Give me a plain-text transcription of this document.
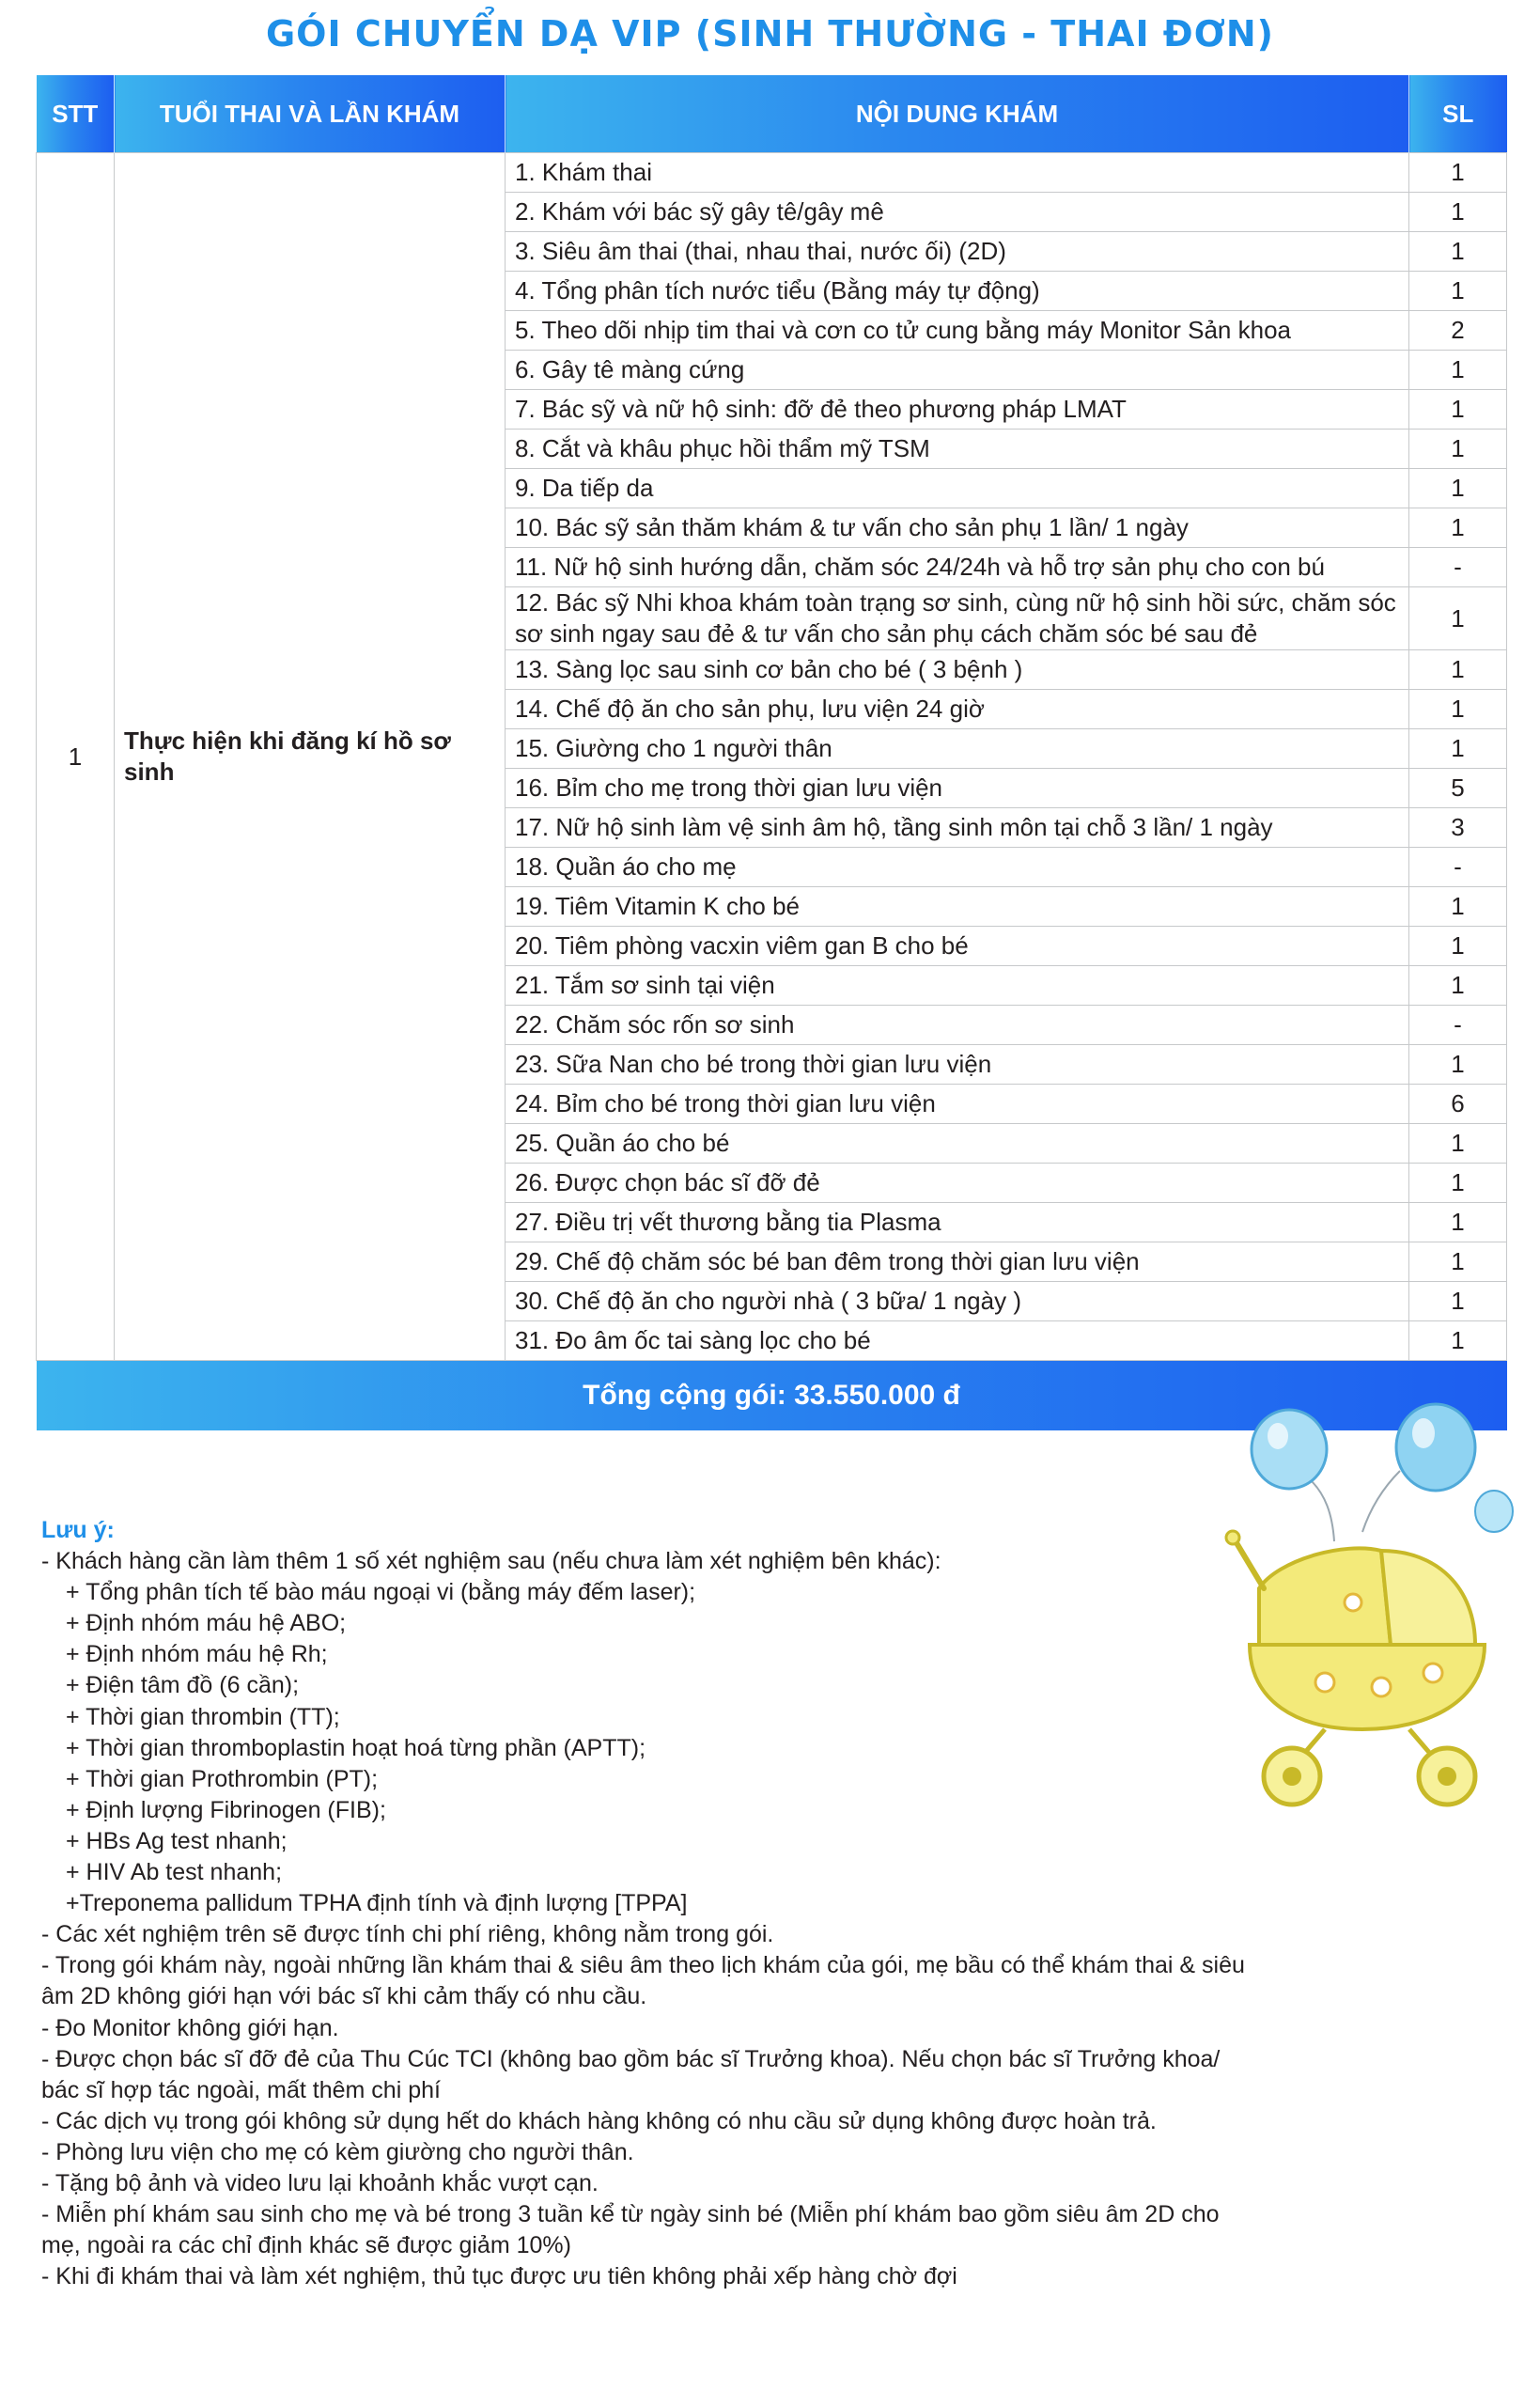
GÓI CHUYỂN DẠ VIP (SINH THƯỜNG - THAI ĐƠN)
STT	TUỔI THAI VÀ LẦN KHÁM	NỘI DUNG KHÁM	SL
1	Thực hiện khi đăng kí hồ sơ sinh	1. Khám thai	1
		2. Khám với bác sỹ gây tê/gây mê	1
		3. Siêu âm thai (thai, nhau thai, nước ối) (2D)	1
		4. Tổng phân tích nước tiểu (Bằng máy tự động)	1
		5. Theo dõi nhịp tim thai và cơn co tử cung bằng máy Monitor Sản khoa	2
		6. Gây tê màng cứng	1
		7. Bác sỹ và nữ hộ sinh: đỡ đẻ theo phương pháp LMAT	1
		8. Cắt và khâu phục hồi thẩm mỹ TSM	1
		9. Da tiếp da	1
		10. Bác sỹ sản thăm khám & tư vấn cho sản phụ 1 lần/ 1 ngày	1
		11. Nữ hộ sinh hướng dẫn, chăm sóc 24/24h và hỗ trợ sản phụ cho con bú	-
		12. Bác sỹ Nhi khoa khám toàn trạng sơ sinh, cùng nữ hộ sinh hồi sức, chăm sóc sơ sinh ngay sau đẻ & tư vấn cho sản phụ cách chăm sóc bé sau đẻ	1
		13. Sàng lọc sau sinh cơ bản cho bé ( 3 bệnh )	1
		14. Chế độ ăn cho sản phụ, lưu viện 24 giờ	1
		15. Giường cho 1 người thân	1
		16. Bỉm cho mẹ trong thời gian lưu viện	5
		17. Nữ hộ sinh làm vệ sinh âm hộ, tầng sinh môn tại chỗ 3 lần/ 1 ngày	3
		18. Quần áo cho mẹ	-
		19. Tiêm Vitamin K cho bé	1
		20. Tiêm phòng vacxin viêm gan B cho bé	1
		21. Tắm sơ sinh tại viện	1
		22. Chăm sóc rốn sơ sinh	-
		23. Sữa Nan cho bé trong thời gian lưu viện	1
		24. Bỉm cho bé trong thời gian lưu viện	6
		25. Quần áo cho bé	1
		26. Được chọn bác sĩ đỡ đẻ	1
		27. Điều trị vết thương bằng tia Plasma	1
		29. Chế độ chăm sóc bé ban đêm trong thời gian lưu viện	1
		30. Chế độ ăn cho người nhà ( 3 bữa/ 1 ngày )	1
		31. Đo âm ốc tai sàng lọc cho bé	1
Tổng cộng gói: 33.550.000 đ			
Lưu ý:
- Khách hàng cần làm thêm 1 số xét nghiệm sau (nếu chưa làm xét nghiệm bên khác):
+ Tổng phân tích tế bào máu ngoại vi (bằng máy đếm laser);
+ Định nhóm máu hệ ABO;
+ Định nhóm máu hệ Rh;
+ Điện tâm đồ (6 cần);
+ Thời gian thrombin (TT);
+ Thời gian thromboplastin hoạt hoá từng phần (APTT);
+ Thời gian Prothrombin (PT);
+ Định lượng Fibrinogen (FIB);
+ HBs Ag test nhanh;
+ HIV Ab test nhanh;
+Treponema pallidum TPHA định tính và định lượng [TPPA]
- Các xét nghiệm trên sẽ được tính chi phí riêng, không nằm trong gói.
- Trong gói khám này, ngoài những lần khám thai & siêu âm theo lịch khám của gói, mẹ bầu có thể khám thai & siêu âm 2D không giới hạn với bác sĩ khi cảm thấy có nhu cầu.
- Đo Monitor không giới hạn.
- Được chọn bác sĩ đỡ đẻ của Thu Cúc TCI (không bao gồm bác sĩ Trưởng khoa). Nếu chọn bác sĩ Trưởng khoa/ bác sĩ hợp tác ngoài, mất thêm chi phí
- Các dịch vụ trong gói không sử dụng hết do khách hàng không có nhu cầu sử dụng không được hoàn trả.
- Phòng lưu viện cho mẹ có kèm giường cho người thân.
- Tặng bộ ảnh và video lưu lại khoảnh khắc vượt cạn.
- Miễn phí khám sau sinh cho mẹ và bé trong 3 tuần kể từ ngày sinh bé (Miễn phí khám bao gồm siêu âm 2D cho mẹ, ngoài ra các chỉ định khác sẽ được giảm 10%)
- Khi đi khám thai và làm xét nghiệm, thủ tục được ưu tiên không phải xếp hàng chờ đợi
